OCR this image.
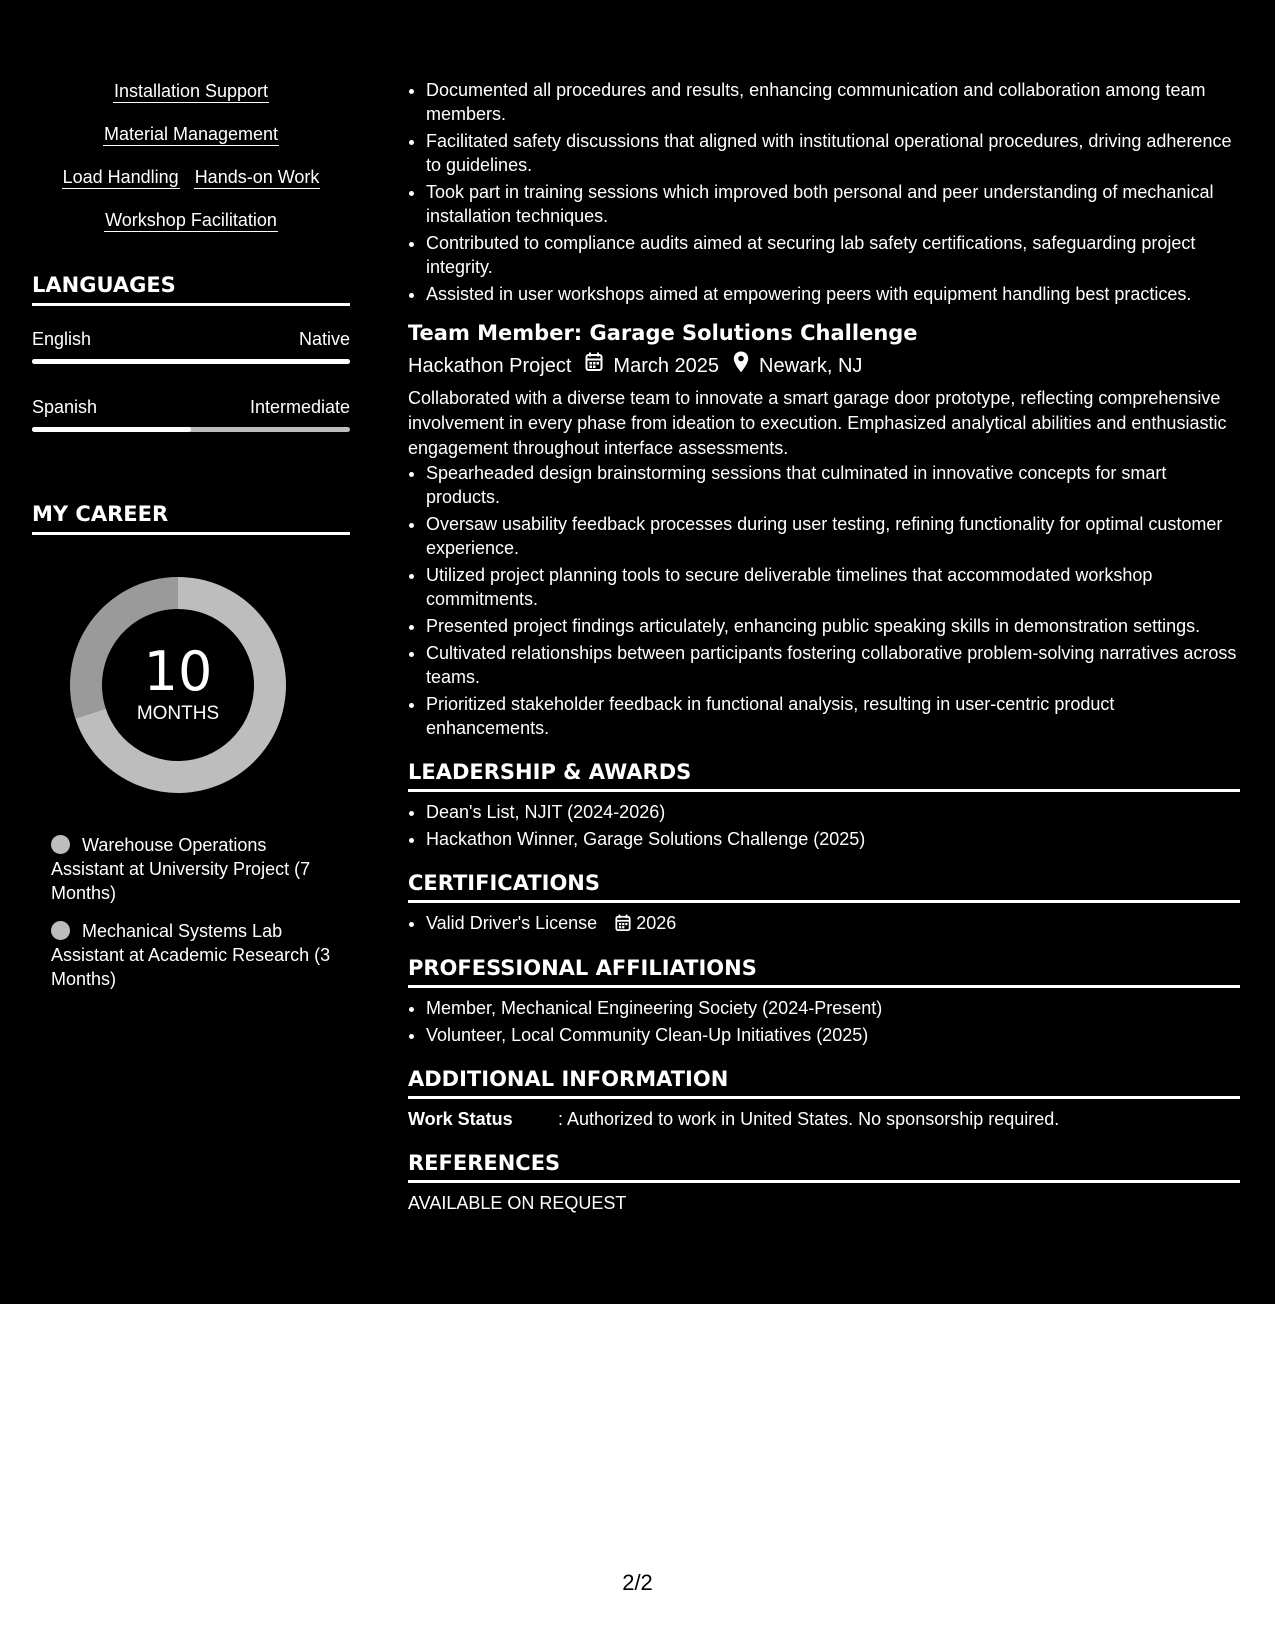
Installation Support
Material Management
Load Handling Hands-on Work
Workshop Facilitation
LANGUAGES
English	Native
Spanish	Intermediate
MY CAREER
10
MONTHS
Warehouse Operations Assistant at University Project (7 Months)
Mechanical Systems Lab Assistant at Academic Research (3 Months)
• Documented all procedures and results, enhancing communication and collaboration among team members.
• Facilitated safety discussions that aligned with institutional operational procedures, driving adherence to guidelines.
• Took part in training sessions which improved both personal and peer understanding of mechanical installation techniques.
• Contributed to compliance audits aimed at securing lab safety certifications, safeguarding project integrity.
• Assisted in user workshops aimed at empowering peers with equipment handling best practices.
Team Member: Garage Solutions Challenge
Hackathon Project March 2025 Newark, NJ
Collaborated with a diverse team to innovate a smart garage door prototype, reflecting comprehensive involvement in every phase from ideation to execution. Emphasized analytical abilities and enthusiastic engagement throughout interface assessments.
• Spearheaded design brainstorming sessions that culminated in innovative concepts for smart products.
• Oversaw usability feedback processes during user testing, refining functionality for optimal customer experience.
• Utilized project planning tools to secure deliverable timelines that accommodated workshop commitments.
• Presented project findings articulately, enhancing public speaking skills in demonstration settings.
• Cultivated relationships between participants fostering collaborative problem-solving narratives across teams.
• Prioritized stakeholder feedback in functional analysis, resulting in user-centric product enhancements.
LEADERSHIP & AWARDS
• Dean's List, NJIT (2024-2026)
• Hackathon Winner, Garage Solutions Challenge (2025)
CERTIFICATIONS
• Valid Driver's License 2026
PROFESSIONAL AFFILIATIONS
• Member, Mechanical Engineering Society (2024-Present)
• Volunteer, Local Community Clean-Up Initiatives (2025)
ADDITIONAL INFORMATION
Work Status	: Authorized to work in United States. No sponsorship required.
REFERENCES
AVAILABLE ON REQUEST
2/2
